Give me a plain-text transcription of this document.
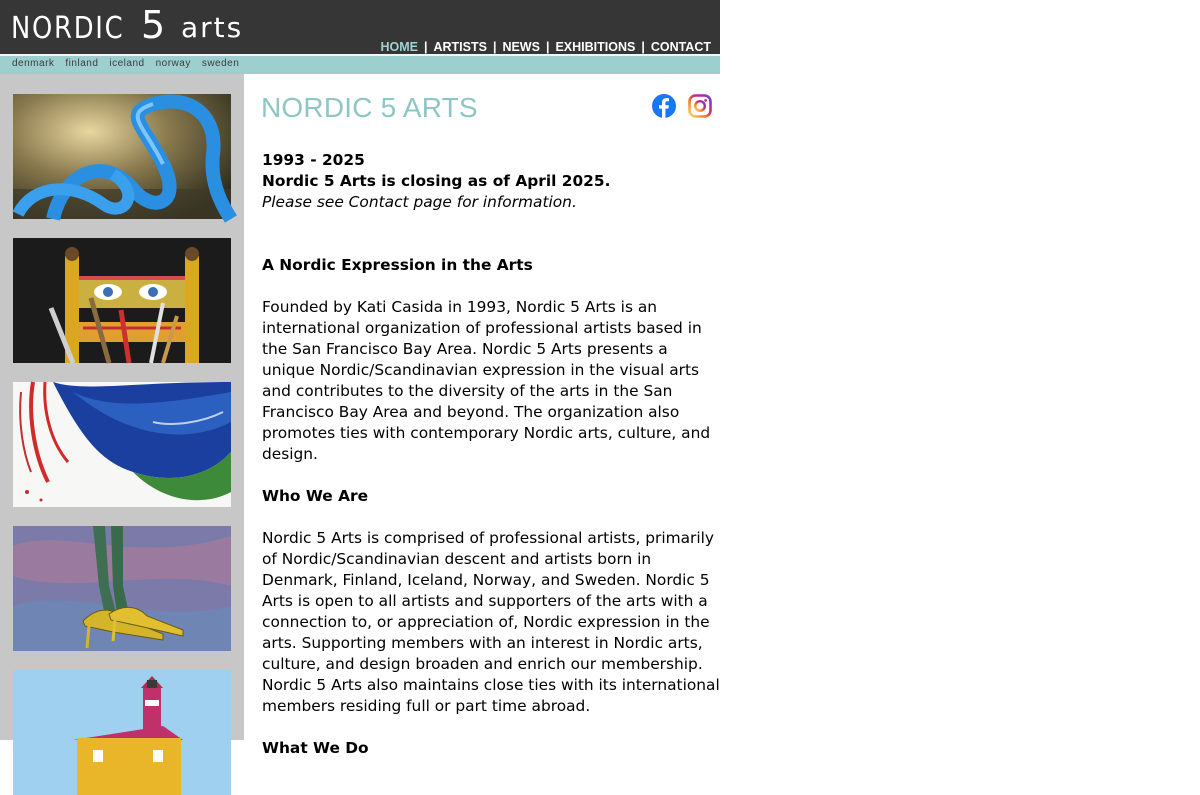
NORDIC 5 arts
HOME | ARTISTS | NEWS | EXHIBITIONS | CONTACT
denmark finland iceland norway sweden
NORDIC 5 ARTS

1993 - 2025

Nordic 5 Arts is closing as of April 2025.

Please see Contact page for information.

A Nordic Expression in the Arts

Founded by Kati Casida in 1993, Nordic 5 Arts is an international organization of professional artists based in the San Francisco Bay Area. Nordic 5 Arts presents a unique Nordic/Scandinavian expression in the visual arts and contributes to the diversity of the arts in the San Francisco Bay Area and beyond. The organization also promotes ties with contemporary Nordic arts, culture, and design.

Who We Are

Nordic 5 Arts is comprised of professional artists, primarily of Nordic/Scandinavian descent and artists born in Denmark, Finland, Iceland, Norway, and Sweden. Nordic 5 Arts is open to all artists and supporters of the arts with a connection to, or appreciation of, Nordic expression in the arts. Supporting members with an interest in Nordic arts, culture, and design broaden and enrich our membership. Nordic 5 Arts also maintains close ties with its international members residing full or part time abroad.

What We Do
